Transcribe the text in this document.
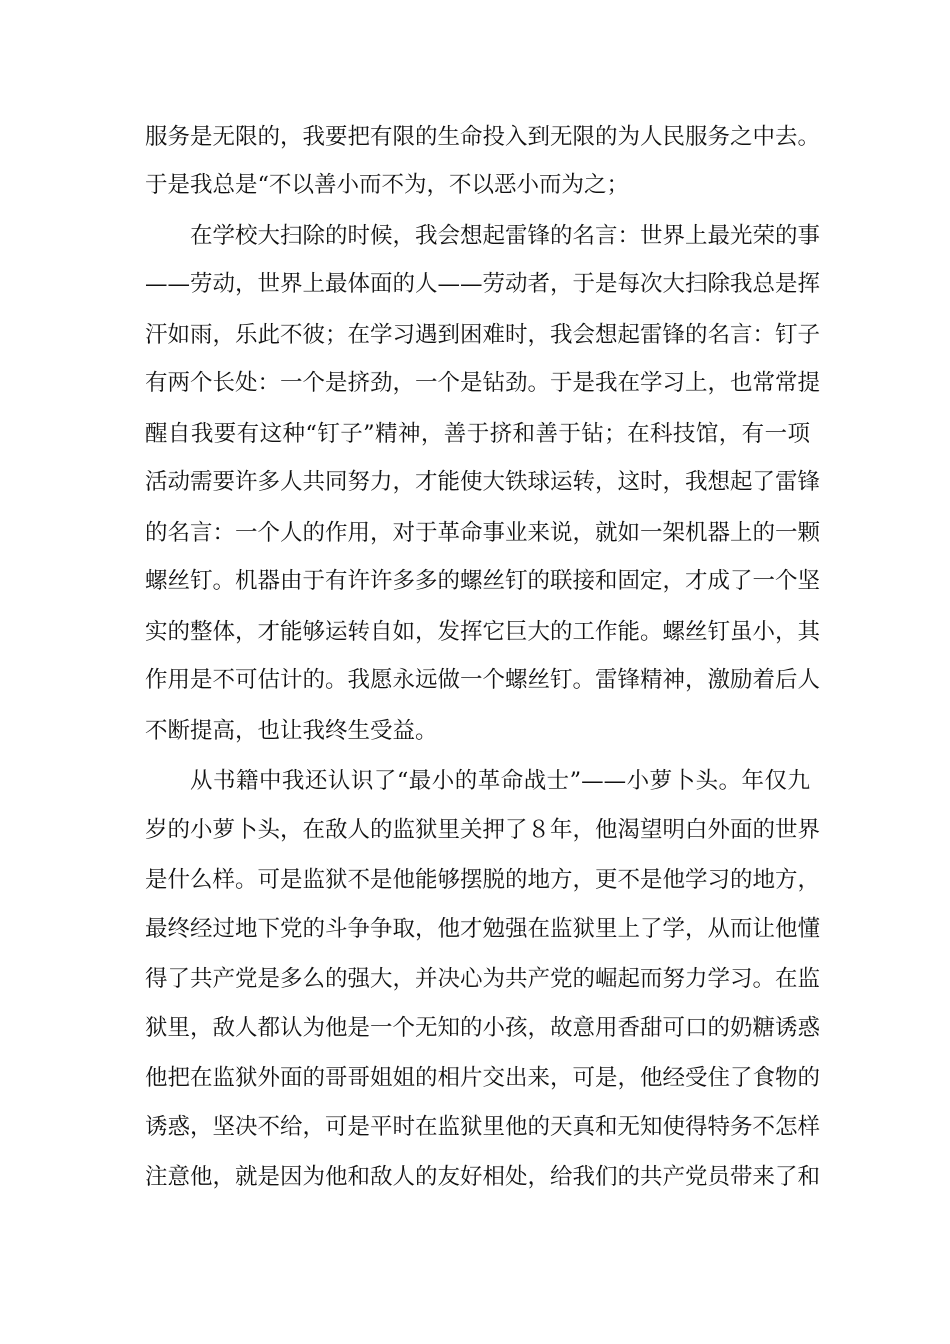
服务是无限的，我要把有限的生命投入到无限的为人民服务之中去。
于是我总是“不以善小而不为，不以恶小而为之；
在学校大扫除的时候，我会想起雷锋的名言：世界上最光荣的事
——劳动，世界上最体面的人——劳动者，于是每次大扫除我总是挥
汗如雨，乐此不彼；在学习遇到困难时，我会想起雷锋的名言：钉子
有两个长处：一个是挤劲，一个是钻劲。于是我在学习上，也常常提
醒自我要有这种“钉子”精神，善于挤和善于钻；在科技馆，有一项
活动需要许多人共同努力，才能使大铁球运转，这时，我想起了雷锋
的名言：一个人的作用，对于革命事业来说，就如一架机器上的一颗
螺丝钉。机器由于有许许多多的螺丝钉的联接和固定，才成了一个坚
实的整体，才能够运转自如，发挥它巨大的工作能。螺丝钉虽小，其
作用是不可估计的。我愿永远做一个螺丝钉。雷锋精神，激励着后人
不断提高，也让我终生受益。
从书籍中我还认识了“最小的革命战士”——小萝卜头。年仅九
岁的小萝卜头，在敌人的监狱里关押了８年，他渴望明白外面的世界
是什么样。可是监狱不是他能够摆脱的地方，更不是他学习的地方，
最终经过地下党的斗争争取，他才勉强在监狱里上了学，从而让他懂
得了共产党是多么的强大，并决心为共产党的崛起而努力学习。在监
狱里，敌人都认为他是一个无知的小孩，故意用香甜可口的奶糖诱惑
他把在监狱外面的哥哥姐姐的相片交出来，可是，他经受住了食物的
诱惑，坚决不给，可是平时在监狱里他的天真和无知使得特务不怎样
注意他，就是因为他和敌人的友好相处，给我们的共产党员带来了和
